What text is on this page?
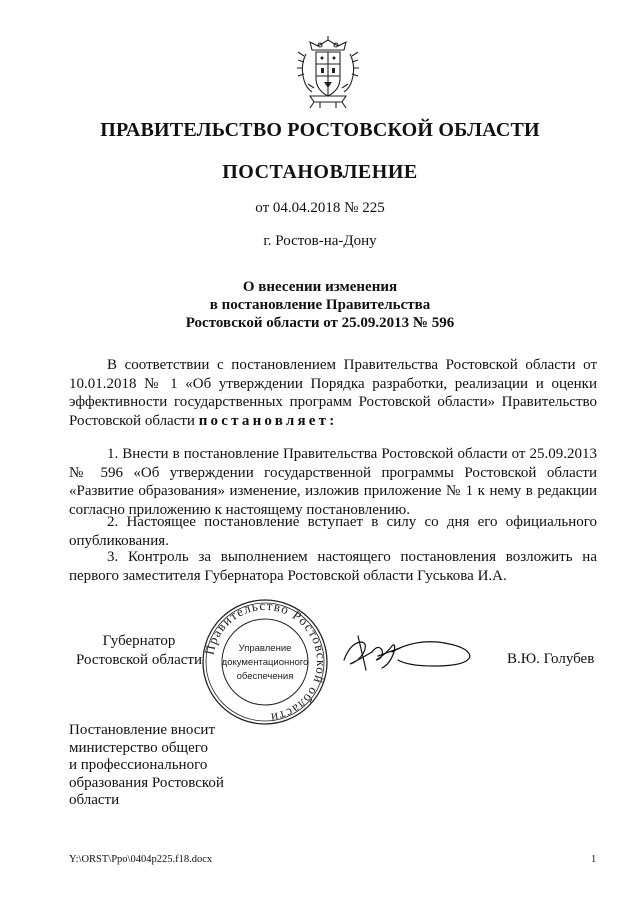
ПРАВИТЕЛЬСТВО РОСТОВСКОЙ ОБЛАСТИ
ПОСТАНОВЛЕНИЕ
от 04.04.2018 № 225
г. Ростов-на-Дону
О внесении изменения
в постановление Правительства
Ростовской области от 25.09.2013 № 596
В соответствии с постановлением Правительства Ростовской области от 10.01.2018 № 1 «Об утверждении Порядка разработки, реализации и оценки эффективности государственных программ Ростовской области» Правительство Ростовской области постановляет:
1. Внести в постановление Правительства Ростовской области от 25.09.2013 № 596 «Об утверждении государственной программы Ростовской области «Развитие образования» изменение, изложив приложение № 1 к нему в редакции согласно приложению к настоящему постановлению.
2. Настоящее постановление вступает в силу со дня его официального опубликования.
3. Контроль за выполнением настоящего постановления возложить на первого заместителя Губернатора Ростовской области Гуськова И.А.
Губернатор
Ростовской области
Правительство Ростовской области
Управление
документационного
обеспечения
В.Ю. Голубев
Постановление вносит
министерство общего
и профессионального
образования Ростовской
области
Y:\ORST\Ppo\0404p225.f18.docx	1
